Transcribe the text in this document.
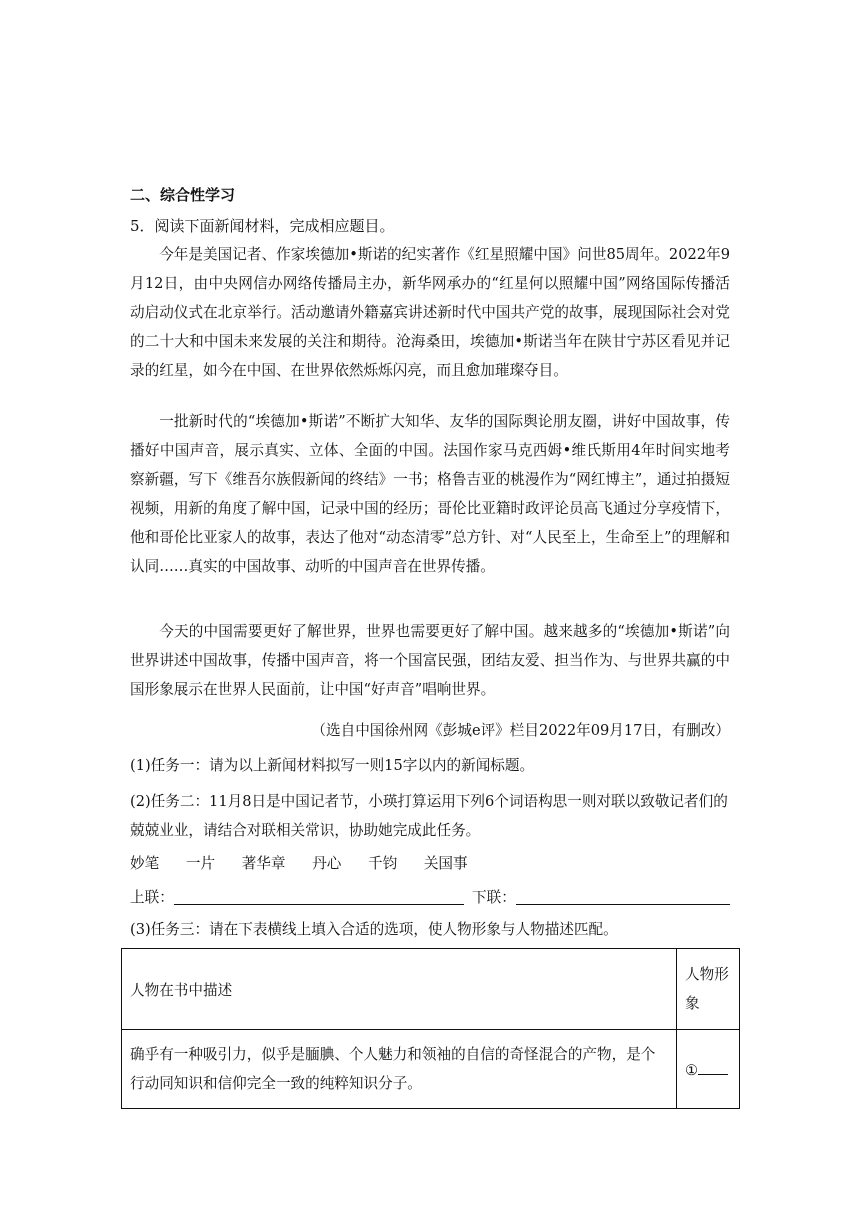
二、综合性学习
5．阅读下面新闻材料，完成相应题目。

今年是美国记者、作家埃德加•斯诺的纪实著作《红星照耀中国》问世85周年。2022年9月12日，由中央网信办网络传播局主办，新华网承办的“红星何以照耀中国”网络国际传播活动启动仪式在北京举行。活动邀请外籍嘉宾讲述新时代中国共产党的故事，展现国际社会对党的二十大和中国未来发展的关注和期待。沧海桑田，埃德加•斯诺当年在陕甘宁苏区看见并记录的红星，如今在中国、在世界依然烁烁闪亮，而且愈加璀璨夺目。

一批新时代的“埃德加•斯诺”不断扩大知华、友华的国际舆论朋友圈，讲好中国故事，传播好中国声音，展示真实、立体、全面的中国。法国作家马克西姆•维氏斯用4年时间实地考察新疆，写下《维吾尔族假新闻的终结》一书；格鲁吉亚的桃漫作为“网红博主”，通过拍摄短视频，用新的角度了解中国，记录中国的经历；哥伦比亚籍时政评论员高飞通过分享疫情下，他和哥伦比亚家人的故事，表达了他对“动态清零”总方针、对“人民至上，生命至上”的理解和认同……真实的中国故事、动听的中国声音在世界传播。

今天的中国需要更好了解世界，世界也需要更好了解中国。越来越多的“埃德加•斯诺”向世界讲述中国故事，传播中国声音，将一个国富民强，团结友爱、担当作为、与世界共赢的中国形象展示在世界人民面前，让中国“好声音”唱响世界。

（选自中国徐州网《彭城e评》栏目2022年09月17日，有删改）

(1)任务一：请为以上新闻材料拟写一则15字以内的新闻标题。

(2)任务二：11月8日是中国记者节，小瑛打算运用下列6个词语构思一则对联以致敬记者们的兢兢业业，请结合对联相关常识，协助她完成此任务。

妙笔 一片 著华章 丹心 千钧 关国事
上联：	下联：
(3)任务三：请在下表横线上填入合适的选项，使人物形象与人物描述匹配。
人物在书中描述	人物形象
确乎有一种吸引力，似乎是腼腆、个人魅力和领袖的自信的奇怪混合的产物，是个行动同知识和信仰完全一致的纯粹知识分子。	①
